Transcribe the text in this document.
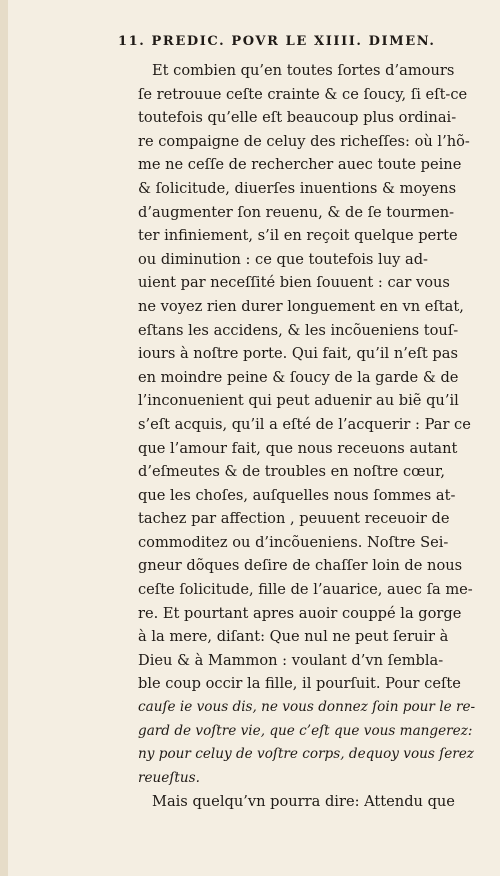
11. PREDIC. POVR LE XIIII. DIMEN.
Et combien qu’en toutes ſortes d’amours
ſe retrouue ceſte crainte & ce ſoucy, ſi eſt-ce
toutefois qu’elle eſt beaucoup plus ordinai-
re compaigne de celuy des richeſſes: où l’hõ-
me ne ceſſe de rechercher auec toute peine
& ſolicitude, diuerſes inuentions & moyens
d’augmenter ſon reuenu, & de ſe tourmen-
ter infiniement, s’il en reçoit quelque perte
ou diminution : ce que toutefois luy ad-
uient par neceſſité bien ſouuent : car vous
ne voyez rien durer longuement en vn eſtat,
eſtans les accidens, & les incõueniens touſ-
iours à noſtre porte. Qui fait, qu’il n’eſt pas
en moindre peine & ſoucy de la garde & de
l’inconuenient qui peut aduenir au biẽ qu’il
s’eſt acquis, qu’il a eſté de l’acquerir : Par ce
que l’amour fait, que nous receuons autant
d’eſmeutes & de troubles en noſtre cœur,
que les choſes, auſquelles nous ſommes at-
tachez par affection , peuuent receuoir de
commoditez ou d’incõueniens. Noſtre Sei-
gneur dõques deſire de chaſſer loin de nous
ceſte ſolicitude, fille de l’auarice, auec ſa me-
re. Et pourtant apres auoir couppé la gorge
à la mere, diſant: Que nul ne peut ſeruir à
Dieu & à Mammon : voulant d’vn ſembla-
ble coup occir la fille, il pourſuit. Pour ceſte
cauſe ie vous dis, ne vous donnez ſoin pour le re-
gard de voſtre vie, que c’eſt que vous mangerez:
ny pour celuy de voſtre corps, dequoy vous ſerez
reueſtus.
Mais quelqu’vn pourra dire: Attendu que
